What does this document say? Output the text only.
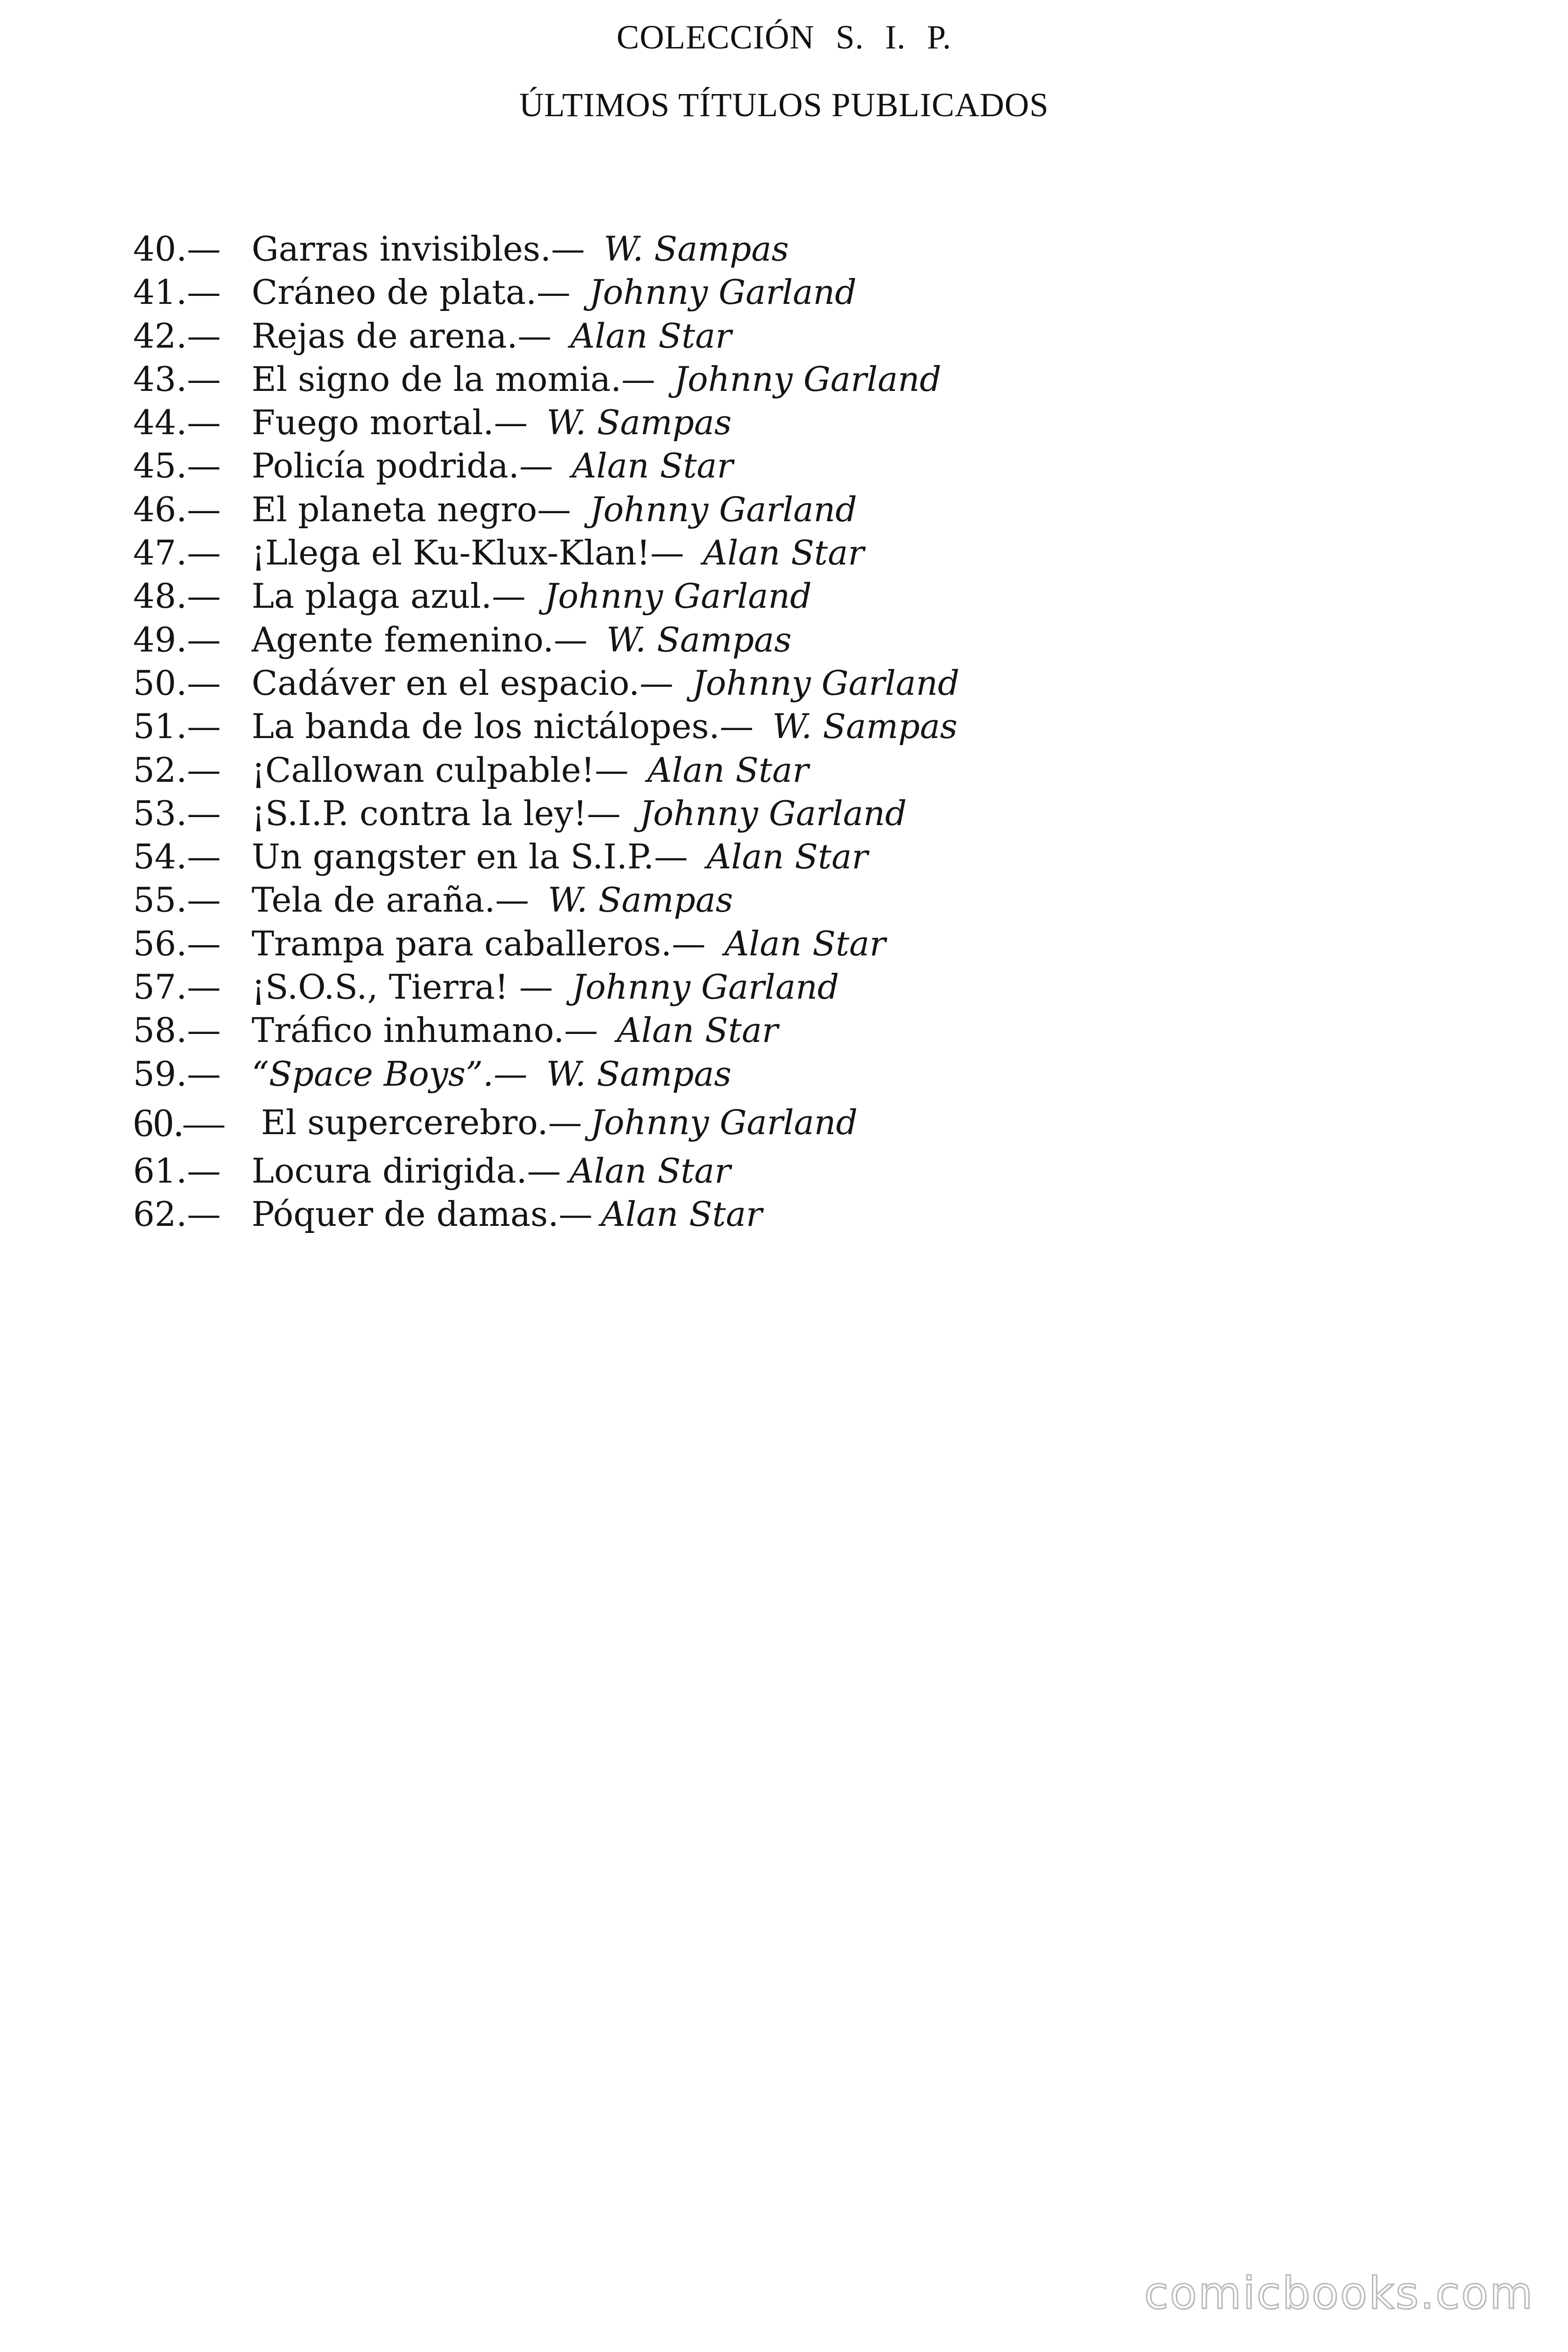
COLECCIÓN S. I. P.
ÚLTIMOS TÍTULOS PUBLICADOS
40.— Garras invisibles.— W. Sampas
41.— Cráneo de plata.— Johnny Garland
42.— Rejas de arena.— Alan Star
43.— El signo de la momia.— Johnny Garland
44.— Fuego mortal.— W. Sampas
45.— Policía podrida.— Alan Star
46.— El planeta negro— Johnny Garland
47.— ¡Llega el Ku-Klux-Klan!— Alan Star
48.— La plaga azul.— Johnny Garland
49.— Agente femenino.— W. Sampas
50.— Cadáver en el espacio.— Johnny Garland
51.— La banda de los nictálopes.— W. Sampas
52.— ¡Callowan culpable!— Alan Star
53.— ¡S.I.P. contra la ley!— Johnny Garland
54.— Un gangster en la S.I.P.— Alan Star
55.— Tela de araña.— W. Sampas
56.— Trampa para caballeros.— Alan Star
57.— ¡S.O.S., Tierra! — Johnny Garland
58.— Tráfico inhumano.— Alan Star
59.— “Space Boys”.— W. Sampas
60.—	El supercerebro.— Johnny Garland
61.— Locura dirigida.— Alan Star
62.— Póquer de damas.— Alan Star
comicbooks.com
